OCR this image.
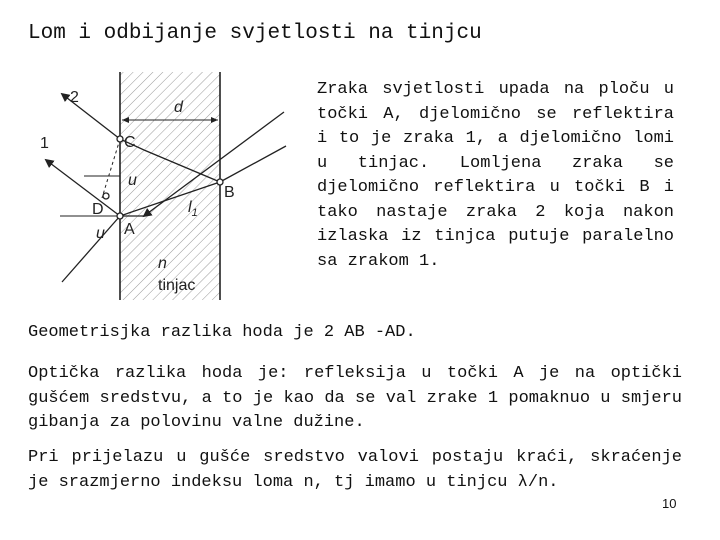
Lom i odbijanje svjetlosti na tinjcu
2
1
d
C
u
B
$l_1$
D
A
u
n
tinjac
Zraka svjetlosti upada na ploču u točki A, djelomično se reflektira i to je zraka 1, a djelomično lomi u tinjac. Lomljena zraka se djelomično reflektira u točki B i tako nastaje zraka 2 koja nakon izlaska iz tinjca putuje paralelno sa zrakom 1.
Geometrisjka razlika hoda je 2 AB -AD.
Optička razlika hoda je: refleksija u točki A je na optički gušćem sredstvu, a to je kao da se val zrake 1 pomaknuo u smjeru gibanja za polovinu valne dužine.
Pri prijelazu u gušće sredstvo valovi postaju kraći, skraćenje je srazmjerno indeksu loma n, tj imamo u tinjcu λ/n.
10
